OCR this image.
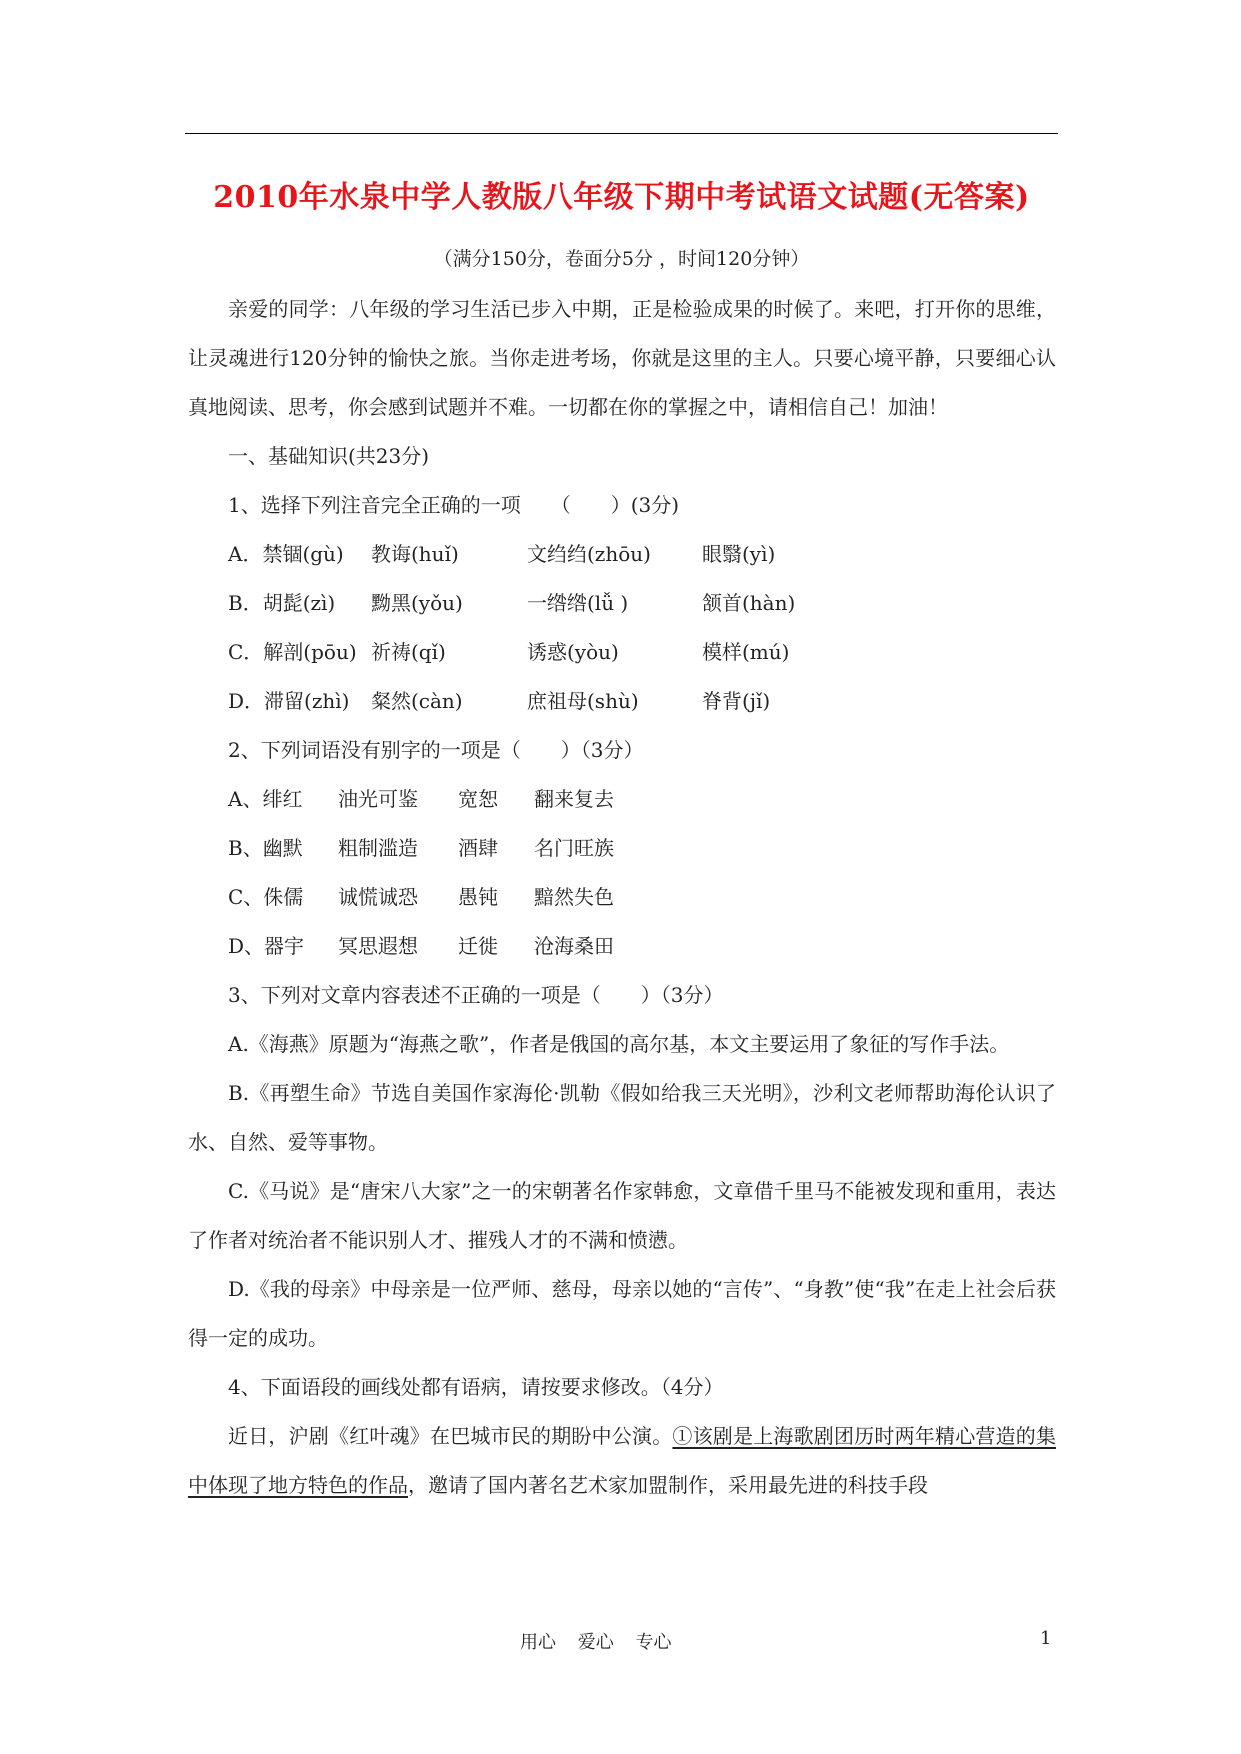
2010年水泉中学人教版八年级下期中考试语文试题(无答案)
（满分150分，卷面分5分 ，时间120分钟）

亲爱的同学：八年级的学习生活已步入中期，正是检验成果的时候了。来吧，打开你的思维，让灵魂进行120分钟的愉快之旅。当你走进考场，你就是这里的主人。只要心境平静，只要细心认真地阅读、思考，你会感到试题并不难。一切都在你的掌握之中，请相信自己！加油！

一、基础知识(共23分)

1、选择下列注音完全正确的一项　　（　　）(3分)

A．禁锢(gù)	教诲(huǐ)	文绉绉(zhōu)	眼翳(yì)
B．胡髭(zì)	黝黑(yǒu)	一绺绺(lǚ )	颔首(hàn)
C．解剖(pōu) 祈祷(qǐ)	诱惑(yòu)	模样(mú)
D．滞留(zhì)	粲然(càn)	庶祖母(shù)	脊背(jǐ)

2、下列词语没有别字的一项是（　　）（3分）

A、绯红	油光可鉴	宽恕	翻来复去
B、幽默	粗制滥造	酒肆	名门旺族
C、侏儒	诚慌诚恐	愚钝	黯然失色
D、器宇	冥思遐想	迁徙	沧海桑田

3、下列对文章内容表述不正确的一项是（　　）（3分）

A.《海燕》原题为“海燕之歌”，作者是俄国的高尔基，本文主要运用了象征的写作手法。

B.《再塑生命》节选自美国作家海伦·凯勒《假如给我三天光明》，沙利文老师帮助海伦认识了水、自然、爱等事物。

C.《马说》是“唐宋八大家”之一的宋朝著名作家韩愈，文章借千里马不能被发现和重用，表达了作者对统治者不能识别人才、摧残人才的不满和愤懑。

D.《我的母亲》中母亲是一位严师、慈母，母亲以她的“言传”、“身教”使“我”在走上社会后获得一定的成功。

4、下面语段的画线处都有语病，请按要求修改。（4分）

近日，沪剧《红叶魂》在巴城市民的期盼中公演。①该剧是上海歌剧团历时两年精心营造的集中体现了地方特色的作品，邀请了国内著名艺术家加盟制作，采用最先进的科技手段

用心 爱心 专心	1
